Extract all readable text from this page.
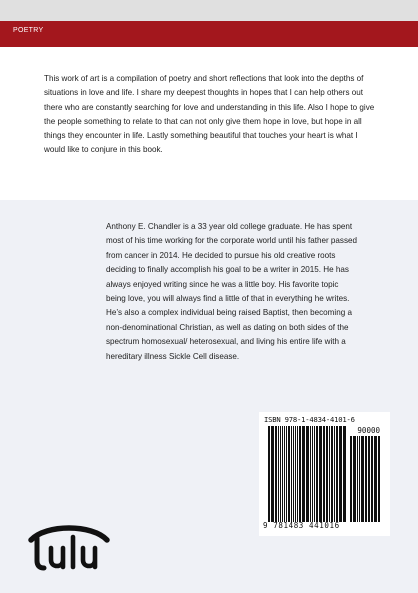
POETRY

This work of art is a compilation of poetry and short reflections that look into the depths of situations in love and life. I share my deepest thoughts in hopes that I can help others out there who are constantly searching for love and understanding in this life. Also I hope to give the people something to relate to that can not only give them hope in love, but hope in all things they encounter in life. Lastly something beautiful that touches your heart is what I would like to conjure in this book.

Anthony E. Chandler is a 33 year old college graduate. He has spent most of his time working for the corporate world until his father passed from cancer in 2014. He decided to pursue his old creative roots deciding to finally accomplish his goal to be a writer in 2015. He has always enjoyed writing since he was a little boy. His favorite topic being love, you will always find a little of that in everything he writes. He’s also a complex individual being raised Baptist, then becoming a non-denominational Christian, as well as dating on both sides of the spectrum homosexual/ heterosexual, and living his entire life with a hereditary illness Sickle Cell disease.

ISBN 978-1-4834-4101-6
90000
9 781483 441016
